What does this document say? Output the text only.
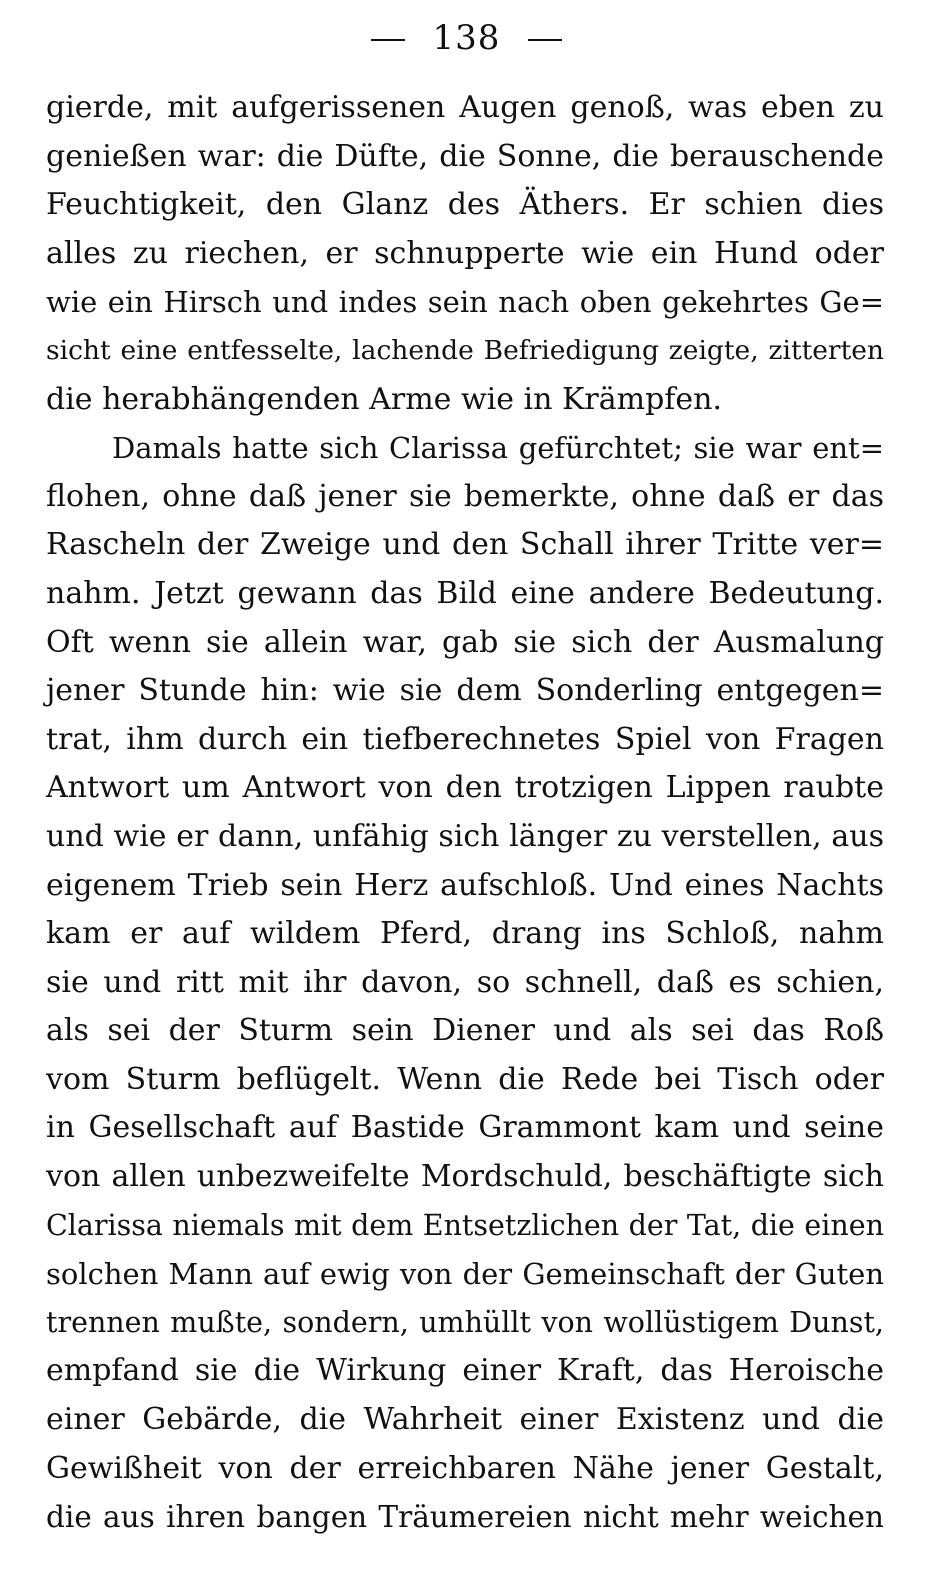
138

gierde, mit aufgerissenen Augen genoß, was eben zu
genießen war: die Düfte, die Sonne, die berauschende
Feuchtigkeit, den Glanz des Äthers. Er schien dies
alles zu riechen, er schnupperte wie ein Hund oder
wie ein Hirsch und indes sein nach oben gekehrtes Ge=
sicht eine entfesselte, lachende Befriedigung zeigte, zitterten
die herabhängenden Arme wie in Krämpfen.

Damals hatte sich Clarissa gefürchtet; sie war ent=
flohen, ohne daß jener sie bemerkte, ohne daß er das
Rascheln der Zweige und den Schall ihrer Tritte ver=
nahm. Jetzt gewann das Bild eine andere Bedeutung.
Oft wenn sie allein war, gab sie sich der Ausmalung
jener Stunde hin: wie sie dem Sonderling entgegen=
trat, ihm durch ein tiefberechnetes Spiel von Fragen
Antwort um Antwort von den trotzigen Lippen raubte
und wie er dann, unfähig sich länger zu verstellen, aus
eigenem Trieb sein Herz aufschloß. Und eines Nachts
kam er auf wildem Pferd, drang ins Schloß, nahm
sie und ritt mit ihr davon, so schnell, daß es schien,
als sei der Sturm sein Diener und als sei das Roß
vom Sturm beflügelt. Wenn die Rede bei Tisch oder
in Gesellschaft auf Bastide Grammont kam und seine
von allen unbezweifelte Mordschuld, beschäftigte sich
Clarissa niemals mit dem Entsetzlichen der Tat, die einen
solchen Mann auf ewig von der Gemeinschaft der Guten
trennen mußte, sondern, umhüllt von wollüstigem Dunst,
empfand sie die Wirkung einer Kraft, das Heroische
einer Gebärde, die Wahrheit einer Existenz und die
Gewißheit von der erreichbaren Nähe jener Gestalt,
die aus ihren bangen Träumereien nicht mehr weichen
